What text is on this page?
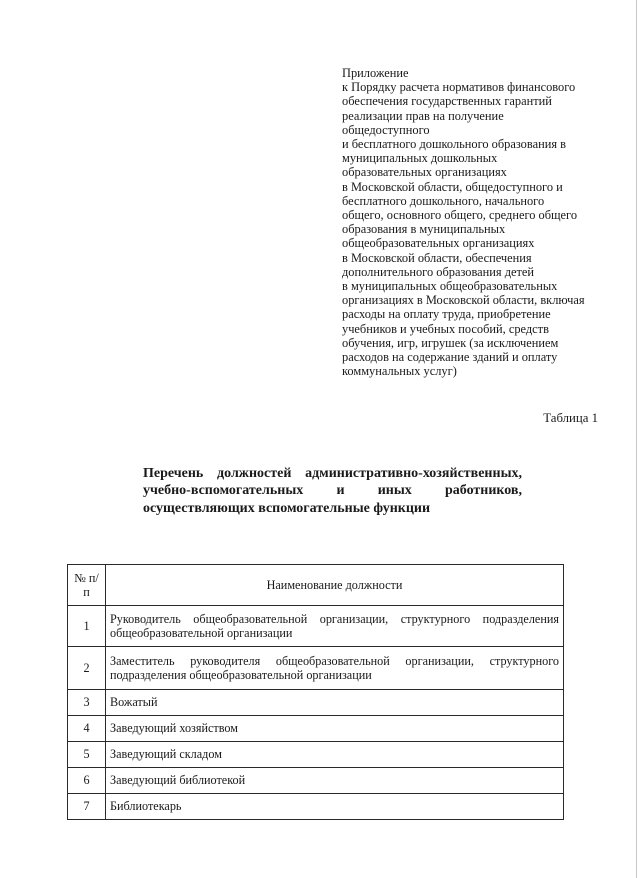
Приложение
к Порядку расчета нормативов финансового
обеспечения государственных гарантий
реализации прав на получение
общедоступного
и бесплатного дошкольного образования в
муниципальных дошкольных
образовательных организациях
в Московской области, общедоступного и
бесплатного дошкольного, начального
общего, основного общего, среднего общего
образования в муниципальных
общеобразовательных организациях
в Московской области, обеспечения
дополнительного образования детей
в муниципальных общеобразовательных
организациях в Московской области, включая
расходы на оплату труда, приобретение
учебников и учебных пособий, средств
обучения, игр, игрушек (за исключением
расходов на содержание зданий и оплату
коммунальных услуг)
Таблица 1
Перечень должностей административно-хозяйственных, учебно-вспомогательных и иных работников, осуществляющих вспомогательные функции
№ п/п	Наименование должности
1	Руководитель общеобразовательной организации, структурного подразделения общеобразовательной организации
2	Заместитель руководителя общеобразовательной организации, структурного подразделения общеобразовательной организации
3	Вожатый
4	Заведующий хозяйством
5	Заведующий складом
6	Заведующий библиотекой
7	Библиотекарь
